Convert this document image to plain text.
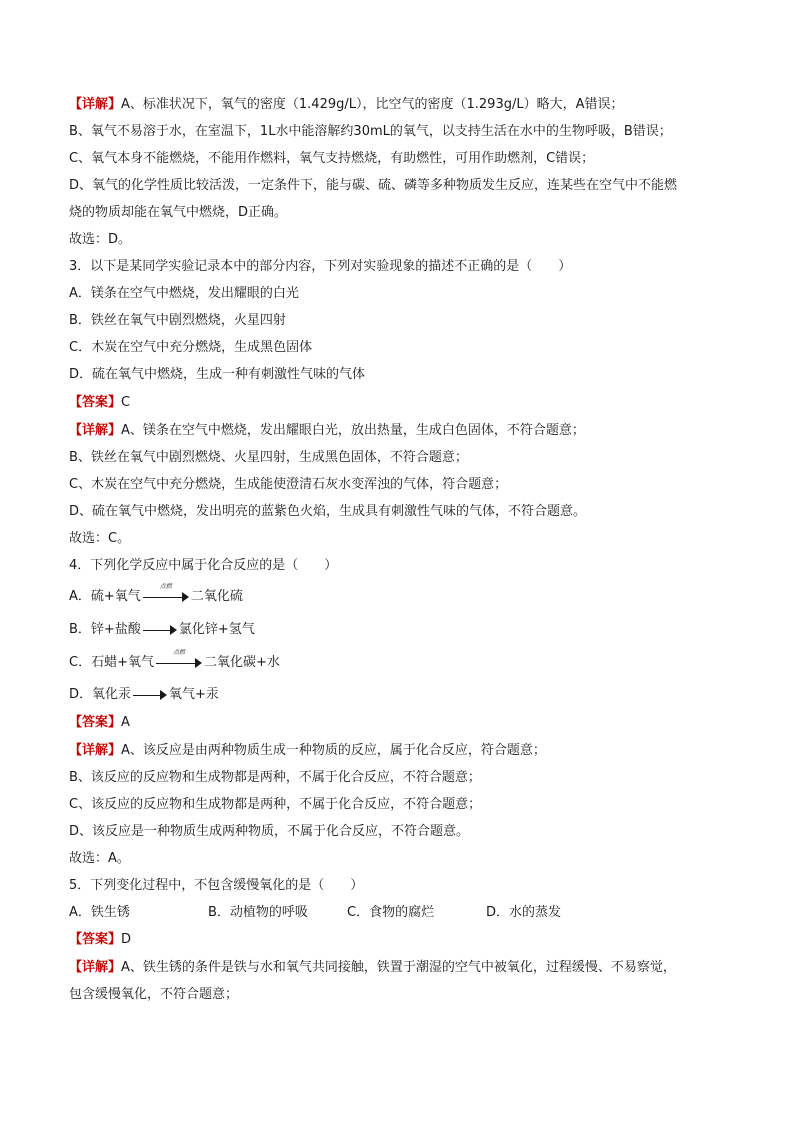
【详解】A、标准状况下，氧气的密度（1.429g/L），比空气的密度（1.293g/L）略大，A错误；
B、氧气不易溶于水，在室温下，1L水中能溶解约30mL的氧气，以支持生活在水中的生物呼吸，B错误；
C、氧气本身不能燃烧，不能用作燃料，氧气支持燃烧，有助燃性，可用作助燃剂，C错误；
D、氧气的化学性质比较活泼，一定条件下，能与碳、硫、磷等多种物质发生反应，连某些在空气中不能燃
烧的物质却能在氧气中燃烧，D正确。
故选：D。
3．以下是某同学实验记录本中的部分内容，下列对实验现象的描述不正确的是（　　）
A．镁条在空气中燃烧，发出耀眼的白光
B．铁丝在氧气中剧烈燃烧，火星四射
C．木炭在空气中充分燃烧，生成黑色固体
D．硫在氧气中燃烧，生成一种有刺激性气味的气体
【答案】C
【详解】A、镁条在空气中燃烧，发出耀眼白光，放出热量，生成白色固体，不符合题意；
B、铁丝在氧气中剧烈燃烧、火星四射，生成黑色固体，不符合题意；
C、木炭在空气中充分燃烧，生成能使澄清石灰水变浑浊的气体，符合题意；
D、硫在氧气中燃烧，发出明亮的蓝紫色火焰，生成具有刺激性气味的气体，不符合题意。
故选：C。
4．下列化学反应中属于化合反应的是（　　）
A．硫+氧气
点燃
二氧化硫
B．锌+盐酸	氯化锌+氢气
C．石蜡+氧气
点燃
二氧化碳+水
D．氧化汞	氧气+汞
【答案】A
【详解】A、该反应是由两种物质生成一种物质的反应，属于化合反应，符合题意；
B、该反应的反应物和生成物都是两种，不属于化合反应，不符合题意；
C、该反应的反应物和生成物都是两种，不属于化合反应，不符合题意；
D、该反应是一种物质生成两种物质，不属于化合反应，不符合题意。
故选：A。
5．下列变化过程中，不包含缓慢氧化的是（　　）
A．铁生锈	B．动植物的呼吸	C．食物的腐烂	D．水的蒸发
【答案】D
【详解】A、铁生锈的条件是铁与水和氧气共同接触，铁置于潮湿的空气中被氧化，过程缓慢、不易察觉，
包含缓慢氧化，不符合题意；
